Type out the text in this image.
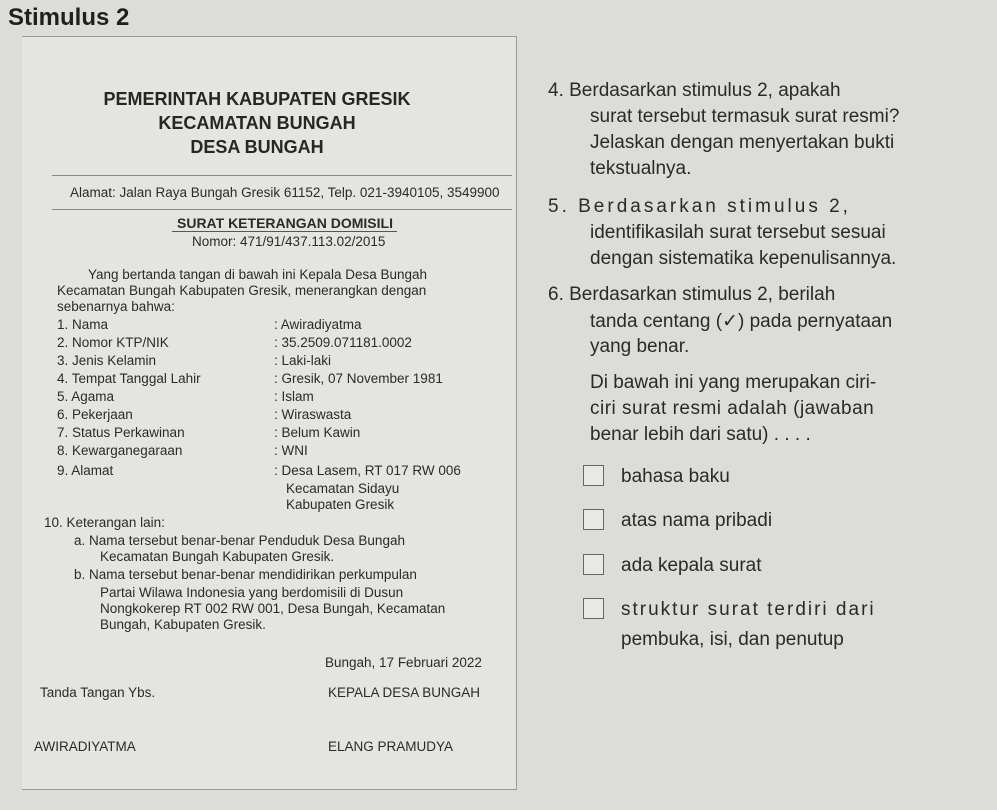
Stimulus 2
PEMERINTAH KABUPATEN GRESIK
KECAMATAN BUNGAH
DESA BUNGAH
Alamat: Jalan Raya Bungah Gresik 61152, Telp. 021-3940105, 3549900
SURAT KETERANGAN DOMISILI
Nomor: 471/91/437.113.02/2015
Yang bertanda tangan di bawah ini Kepala Desa Bungah
Kecamatan Bungah Kabupaten Gresik, menerangkan dengan
sebenarnya bahwa:
1. Nama	: Awiradiyatma
2. Nomor KTP/NIK	: 35.2509.071181.0002
3. Jenis Kelamin	: Laki-laki
4. Tempat Tanggal Lahir	: Gresik, 07 November 1981
5. Agama	: Islam
6. Pekerjaan	: Wiraswasta
7. Status Perkawinan	: Belum Kawin
8. Kewarganegaraan	: WNI
9. Alamat	: Desa Lasem, RT 017 RW 006
Kecamatan Sidayu
Kabupaten Gresik
10. Keterangan lain:
a. Nama tersebut benar-benar Penduduk Desa Bungah
Kecamatan Bungah Kabupaten Gresik.
b. Nama tersebut benar-benar mendidirikan perkumpulan
Partai Wilawa Indonesia yang berdomisili di Dusun
Nongkokerep RT 002 RW 001, Desa Bungah, Kecamatan
Bungah, Kabupaten Gresik.
Bungah, 17 Februari 2022
Tanda Tangan Ybs.	KEPALA DESA BUNGAH
AWIRADIYATMA	ELANG PRAMUDYA
4. Berdasarkan stimulus 2, apakah
surat tersebut termasuk surat resmi?
Jelaskan dengan menyertakan bukti
tekstualnya.
5. Berdasarkan stimulus 2,
identifikasilah surat tersebut sesuai
dengan sistematika kepenulisannya.
6. Berdasarkan stimulus 2, berilah
tanda centang (✓) pada pernyataan
yang benar.
Di bawah ini yang merupakan ciri-
ciri surat resmi adalah (jawaban
benar lebih dari satu) . . . .
bahasa baku
atas nama pribadi
ada kepala surat
struktur surat terdiri dari
pembuka, isi, dan penutup
